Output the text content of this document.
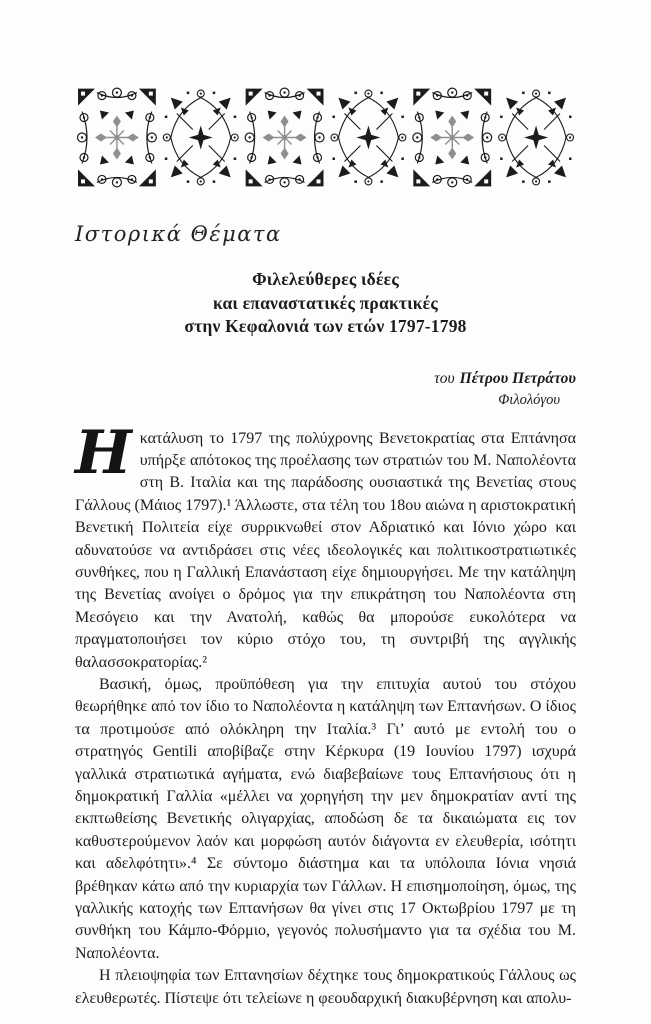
Ιστορικά Θέματα
Φιλελεύθερες ιδέες
και επαναστατικές πρακτικές
στην Κεφαλονιά των ετών 1797-1798
του Πέτρου Πετράτου
Φιλολόγου

Ηκατάλυση το 1797 της πολύχρονης Βενετοκρατίας στα Επτάνησα υπήρξε απότοκος της προέλασης των στρατιών του Μ. Ναπολέοντα στη Β. Ιταλία και της παράδοσης ουσιαστικά της Βενετίας στους Γάλλους (Μάιος 1797).¹ Άλλωστε, στα τέλη του 18ου αιώνα η αριστοκρατική Βενετική Πολιτεία είχε συρρικνωθεί στον Αδριατικό και Ιόνιο χώρο και αδυνατούσε να αντιδράσει στις νέες ιδεολογικές και πολιτικοστρατιωτικές συνθήκες, που η Γαλλική Επανάσταση είχε δημιουργήσει. Με την κατάληψη της Βενετίας ανοίγει ο δρόμος για την επικράτηση του Ναπολέοντα στη Μεσόγειο και την Ανατολή, καθώς θα μπορούσε ευκολότερα να πραγματοποιήσει τον κύριο στόχο του, τη συντριβή της αγγλικής θαλασσοκρατορίας.²

Βασική, όμως, προϋπόθεση για την επιτυχία αυτού του στόχου θεωρήθηκε από τον ίδιο το Ναπολέοντα η κατάληψη των Επτανήσων. Ο ίδιος τα προτιμούσε από ολόκληρη την Ιταλία.³ Γι’ αυτό με εντολή του ο στρατηγός Gentili αποβίβαζε στην Κέρκυρα (19 Ιουνίου 1797) ισχυρά γαλλικά στρατιωτικά αγήματα, ενώ διαβεβαίωνε τους Επτανήσιους ότι η δημοκρατική Γαλλία «μέλλει να χορηγήση την μεν δημοκρατίαν αντί της εκπτωθείσης Βενετικής ολιγαρχίας, αποδώση δε τα δικαιώματα εις τον καθυστερούμενον λαόν και μορφώση αυτόν διάγοντα εν ελευθερία, ισότητι και αδελφότητι».⁴ Σε σύντομο διάστημα και τα υπόλοιπα Ιόνια νησιά βρέθηκαν κάτω από την κυριαρχία των Γάλλων. Η επισημοποίηση, όμως, της γαλλικής κατοχής των Επτανήσων θα γίνει στις 17 Οκτωβρίου 1797 με τη συνθήκη του Κάμπο-Φόρμιο, γεγονός πολυσήμαντο για τα σχέδια του Μ. Ναπολέοντα.

Η πλειοψηφία των Επτανησίων δέχτηκε τους δημοκρατικούς Γάλλους ως ελευθερωτές. Πίστεψε ότι τελείωνε η φεουδαρχική διακυβέρνηση και απολυ-
